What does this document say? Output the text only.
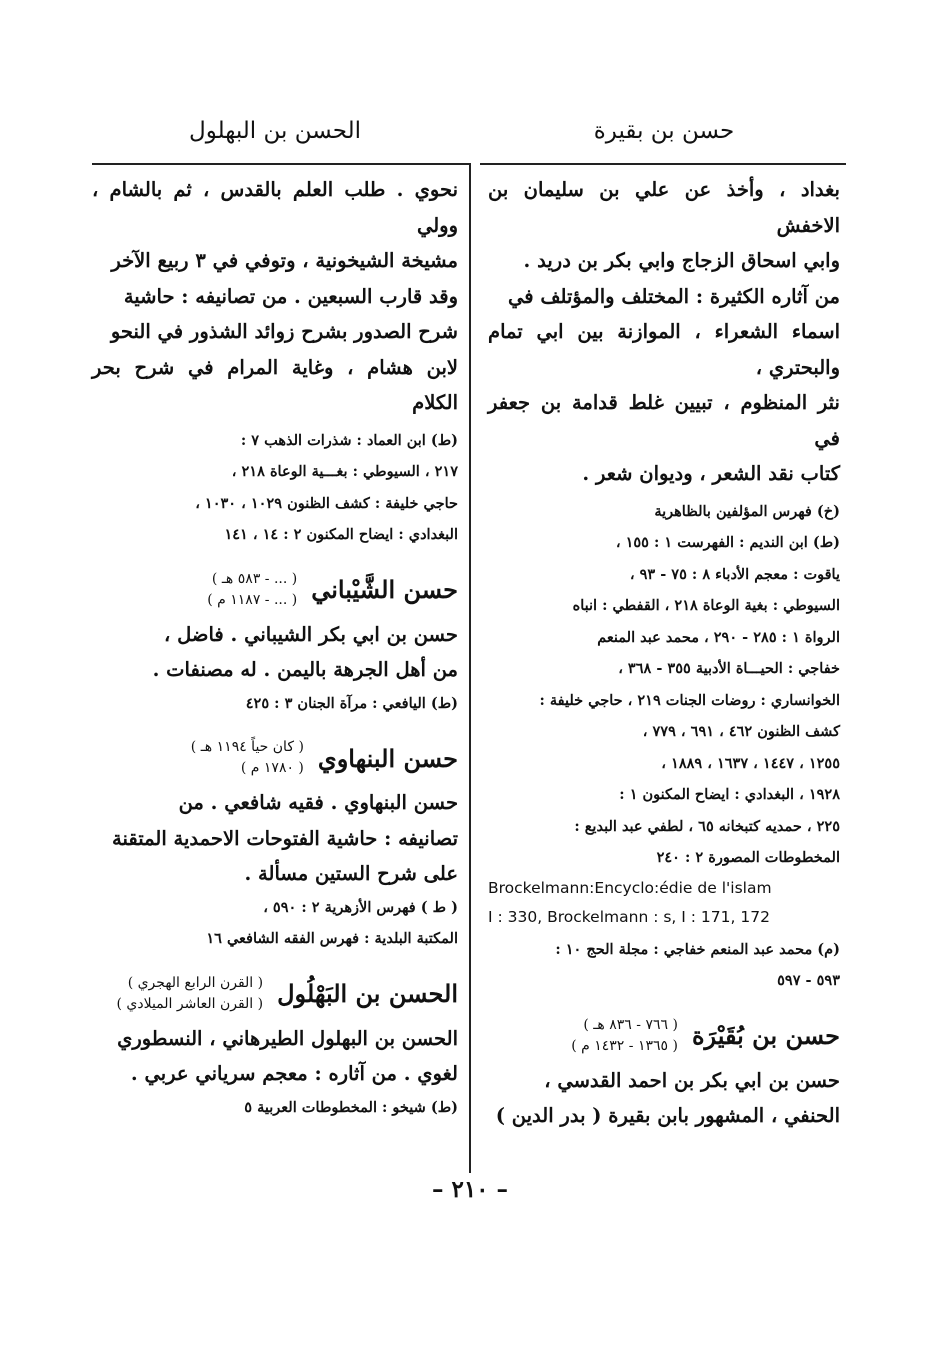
حسن بن بقيرة
الحسن بن البهلول

بغداد ، وأخذ عن علي بن سليمان بن الاخفش

وابي اسحاق الزجاج وابي بكر بن دريد .

من آثاره الكثيرة : المختلف والمؤتلف في

اسماء الشعراء ، الموازنة بين ابي تمام والبحتري ،

نثر المنظوم ، تبيين غلط قدامة بن جعفر في

كتاب نقد الشعر ، وديوان شعر .

(خ) فهرس المؤلفين بالظاهرية

(ط) ابن النديم : الفهرست ١ : ١٥٥ ،

ياقوت : معجم الأدباء ٨ : ٧٥ - ٩٣ ،

السيوطي : بغية الوعاة ٢١٨ ، القفطي : انباه

الرواة ١ : ٢٨٥ - ٢٩٠ ، محمد عبد المنعم

خفاجي : الحيـــاة الأدبية ٣٥٥ - ٣٦٨ ،

الخوانساري : روضات الجنات ٢١٩ ، حاجي خليفة :

كشف الظنون ٤٦٢ ، ٦٩١ ، ٧٧٩ ،

١٢٥٥ ، ١٤٤٧ ، ١٦٣٧ ، ١٨٨٩ ،

١٩٢٨ ، البغدادي : ايضاح المكنون ١ :

٢٢٥ ، حمديه كتبخانه ٦٥ ، لطفي عبد البديع :

المخطوطات المصورة ٢ : ٢٤٠

Brockelmann:Encyclo:édie de l'islam

I : 330, Brockelmann : s, I : 171, 172

(م) محمد عبد المنعم خفاجي : مجلة الحج ١٠ :

٥٩٣ - ٥٩٧

حسن بن بُقَيْرَة
( ٧٦٦ - ٨٣٦ هـ )
( ١٣٦٥ - ١٤٣٢ م )

حسن بن ابي بكر بن احمد القدسي ،

الحنفي ، المشهور بابن بقيرة ( بدر الدين )

نحوي . طلب العلم بالقدس ، ثم بالشام ، وولي

مشيخة الشيخونية ، وتوفي في ٣ ربيع الآخر

وقد قارب السبعين . من تصانيفه : حاشية

شرح الصدور بشرح زوائد الشذور في النحو

لابن هشام ، وغاية المرام في شرح بحر الكلام

(ط) ابن العماد : شذرات الذهب ٧ :

٢١٧ ، السيوطي : بغـــية الوعاة ٢١٨ ،

حاجي خليفة : كشف الظنون ١٠٢٩ ، ١٠٣٠ ،

البغدادي : ايضاح المكنون ٢ : ١٤ ، ١٤١

حسن الشَّيْباني
( ... - ٥٨٣ هـ )
( ... - ١١٨٧ م )

حسن بن ابي بكر الشيباني . فاضل ،

من أهل الجرهة باليمن . له مصنفات .

(ط) اليافعي : مرآة الجنان ٣ : ٤٢٥

حسن البنهاوي
( كان حياً ١١٩٤ هـ )
( ١٧٨٠ م )

حسن البنهاوي . فقيه شافعي . من

تصانيفه : حاشية الفتوحات الاحمدية المتقنة

على شرح الستين مسألة .

( ط ) فهرس الأزهرية ٢ : ٥٩٠ ،

المكتبة البلدية : فهرس الفقه الشافعي ١٦

الحسن بن البَهْلُول
( القرن الرابع الهجري )
( القرن العاشر الميلادي )

الحسن بن البهلول الطيرهاني ، النسطوري

لغوي . من آثاره : معجم سرياني عربي .

(ط) شيخو : المخطوطات العربية ٥

– ٢١٠ –
